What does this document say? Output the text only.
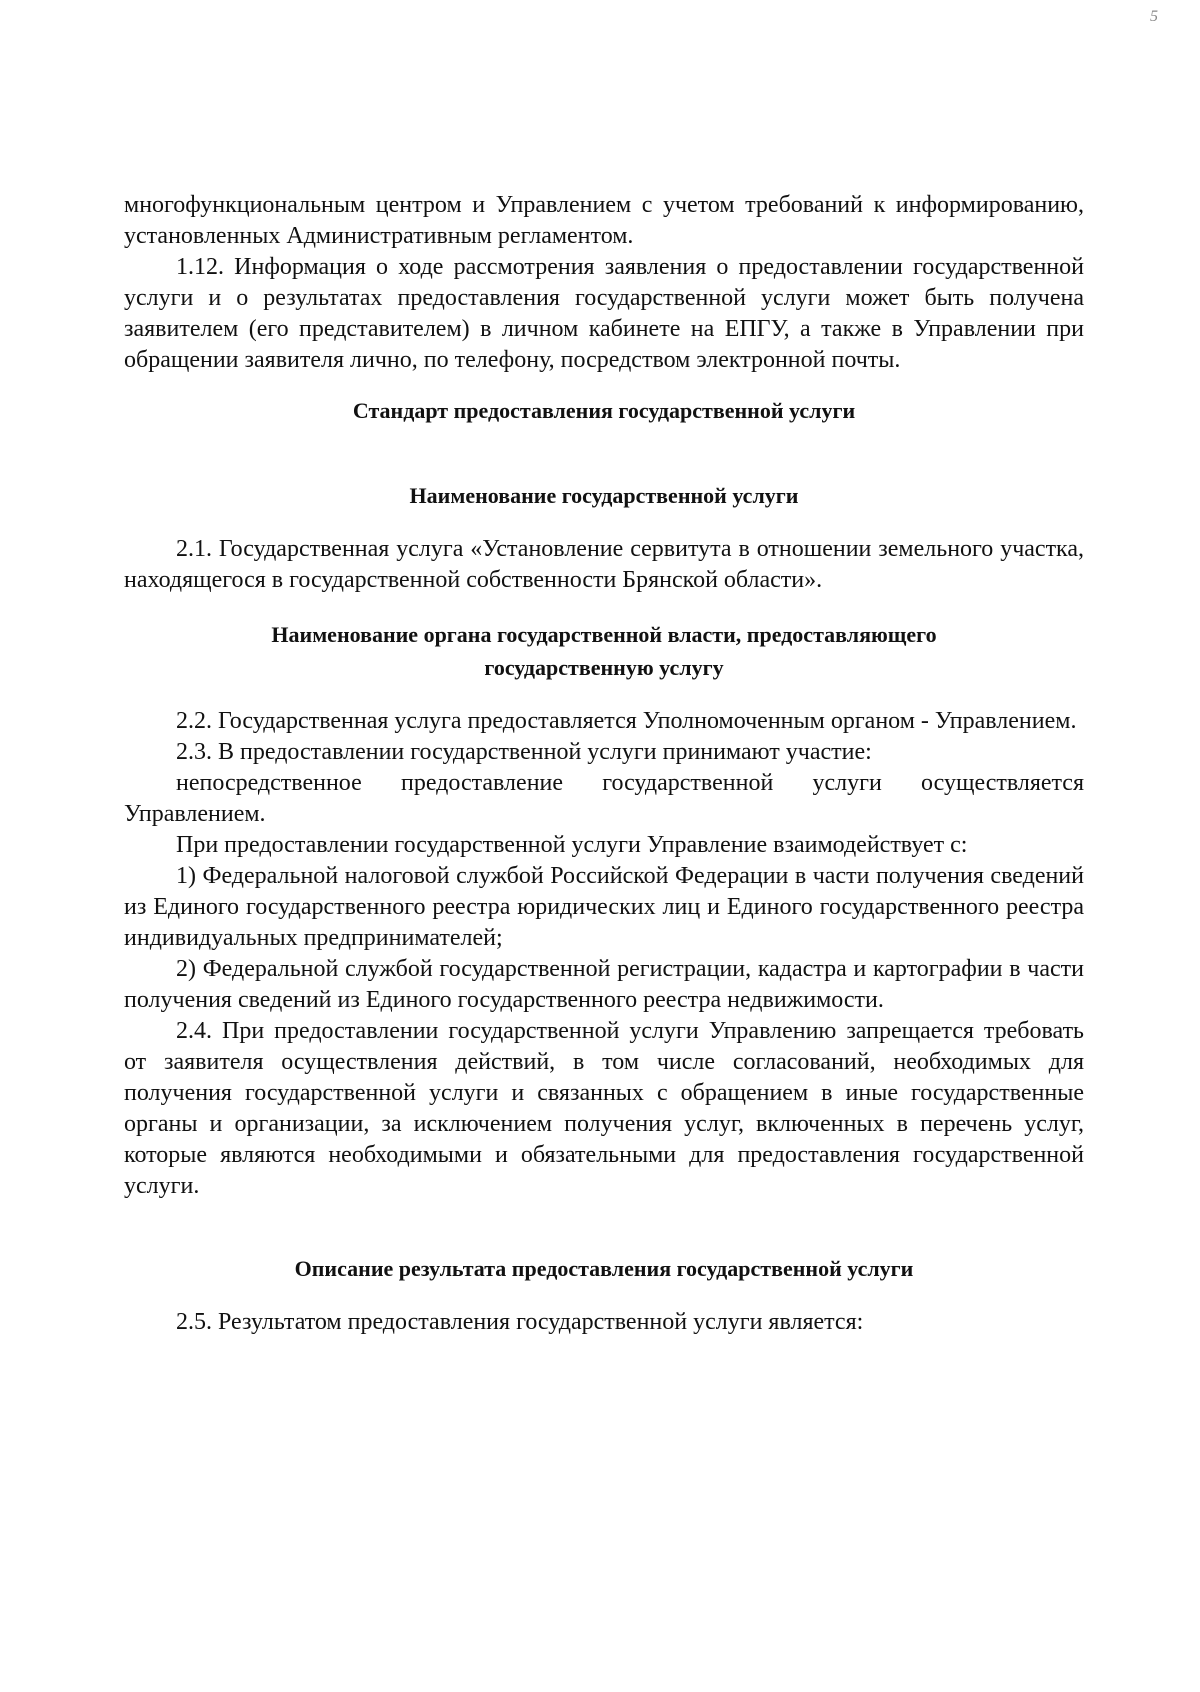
5

многофункциональным центром и Управлением с учетом требований к информированию, установленных Административным регламентом.

1.12. Информация о ходе рассмотрения заявления о предоставлении государственной услуги и о результатах предоставления государственной услуги может быть получена заявителем (его представителем) в личном кабинете на ЕПГУ, а также в Управлении при обращении заявителя лично, по телефону, посредством электронной почты.

Стандарт предоставления государственной услуги
Наименование государственной услуги

2.1. Государственная услуга «Установление сервитута в отношении земельного участка, находящегося в государственной собственности Брянской области».

Наименование органа государственной власти, предоставляющего
государственную услугу

2.2. Государственная услуга предоставляется Уполномоченным органом - Управлением.

2.3. В предоставлении государственной услуги принимают участие:

непосредственное предоставление государственной услуги осуществляется Управлением.

При предоставлении государственной услуги Управление взаимодействует с:

1) Федеральной налоговой службой Российской Федерации в части получения сведений из Единого государственного реестра юридических лиц и Единого государственного реестра индивидуальных предпринимателей;

2) Федеральной службой государственной регистрации, кадастра и картографии в части получения сведений из Единого государственного реестра недвижимости.

2.4. При предоставлении государственной услуги Управлению запрещается требовать от заявителя осуществления действий, в том числе согласований, необходимых для получения государственной услуги и связанных с обращением в иные государственные органы и организации, за исключением получения услуг, включенных в перечень услуг, которые являются необходимыми и обязательными для предоставления государственной услуги.

Описание результата предоставления государственной услуги

2.5. Результатом предоставления государственной услуги является:
